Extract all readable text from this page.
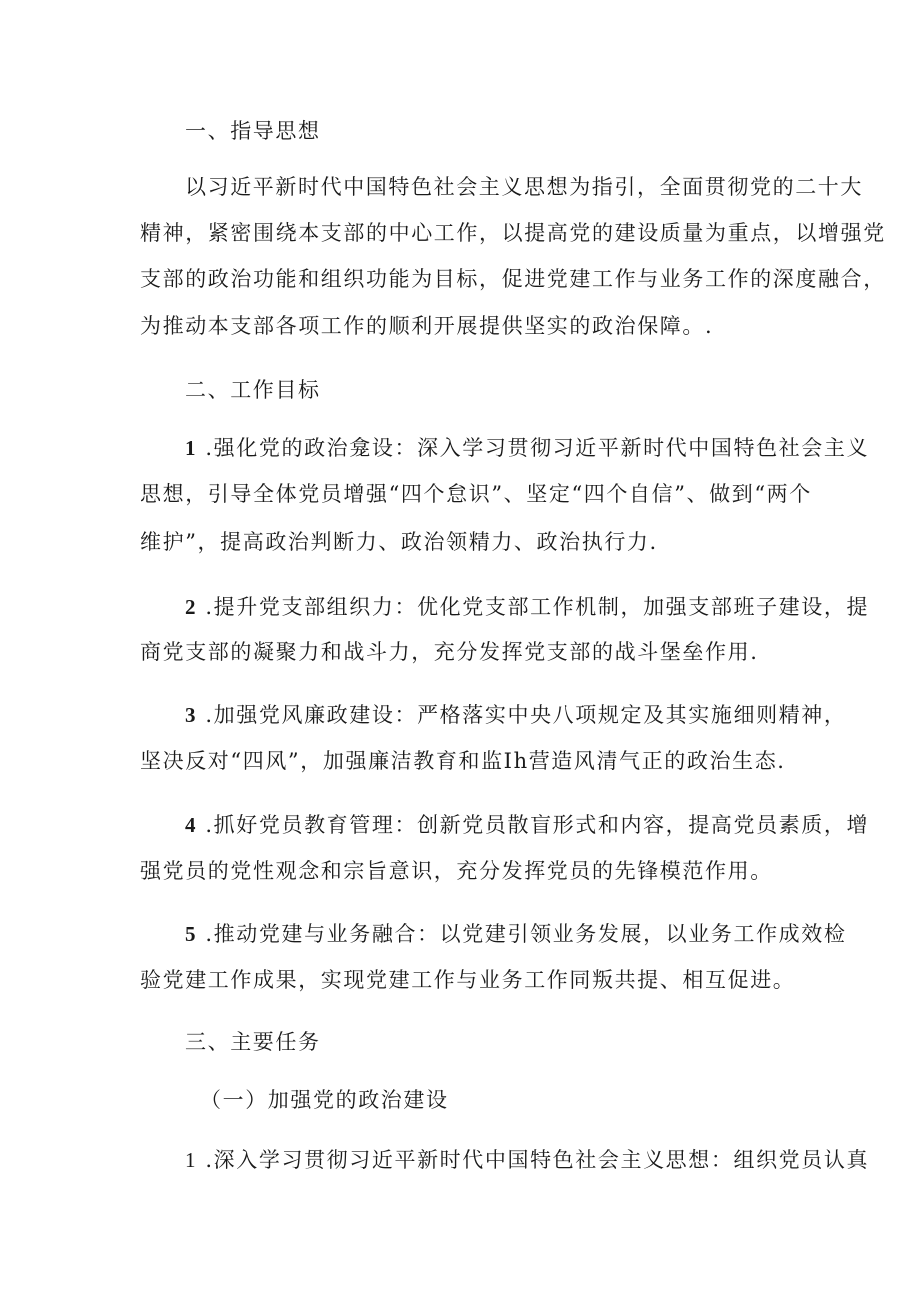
一、指导思想
以习近平新时代中国特色社会主义思想为指引，全面贯彻党的二十大
精神，紧密围绕本支部的中心工作，以提高党的建设质量为重点，以增强党
支部的政治功能和组织功能为目标，促进党建工作与业务工作的深度融合，
为推动本支部各项工作的顺利开展提供坚实的政治保障。.
二、工作目标
1 .强化党的政治龛设：深入学习贯彻习近平新时代中国特色社会主义
思想，引导全体党员增强“四个怠识”、坚定“四个自信”、做到“两个
维护”，提高政治判断力、政治领精力、政治执行力.
2 .提升党支部组织力：优化党支部工作机制，加强支部班子建设，提
商党支部的凝聚力和战斗力，充分发挥党支部的战斗堡垒作用.
3 .加强党风廉政建设：严格落实中央八项规定及其实施细则精神，
坚决反对“四风”，加强廉洁教育和监Ih营造风清气正的政治生态.
4 .抓好党员教育管理：创新党员散盲形式和内容，提高党员素质，增
强党员的党性观念和宗旨意识，充分发挥党员的先锋模范作用。
5 .推动党建与业务融合：以党建引领业务发展，以业务工作成效检
验党建工作成果，实现党建工作与业务工作同叛共提、相互促进。
三、主要任务
（一）加强党的政治建设
1 .深入学习贯彻习近平新时代中国特色社会主义思想：组织党员认真
